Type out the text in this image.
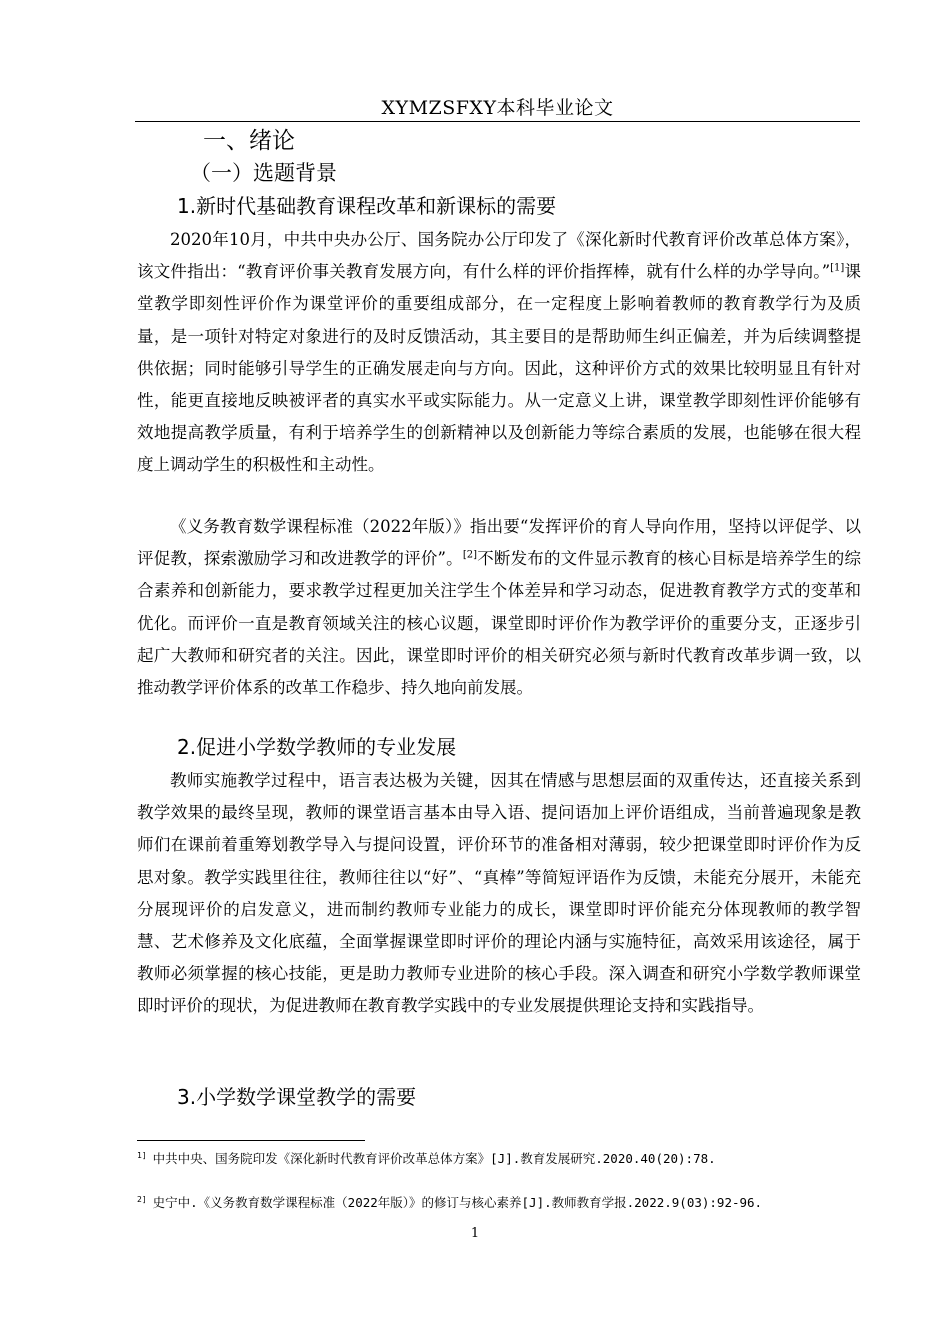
XYMZSFXY本科毕业论文
一、绪论
（一）选题背景
1.新时代基础教育课程改革和新课标的需要
2020年10月，中共中央办公厅、国务院办公厅印发了《深化新时代教育评价改革总体方案》，该文件指出：“教育评价事关教育发展方向，有什么样的评价指挥棒，就有什么样的办学导向。”[1]课堂教学即刻性评价作为课堂评价的重要组成部分，在一定程度上影响着教师的教育教学行为及质量，是一项针对特定对象进行的及时反馈活动，其主要目的是帮助师生纠正偏差，并为后续调整提供依据；同时能够引导学生的正确发展走向与方向。因此，这种评价方式的效果比较明显且有针对性，能更直接地反映被评者的真实水平或实际能力。从一定意义上讲，课堂教学即刻性评价能够有效地提高教学质量，有利于培养学生的创新精神以及创新能力等综合素质的发展，也能够在很大程度上调动学生的积极性和主动性。
《义务教育数学课程标准（2022年版）》指出要“发挥评价的育人导向作用，坚持以评促学、以评促教，探索激励学习和改进教学的评价”。[2]不断发布的文件显示教育的核心目标是培养学生的综合素养和创新能力，要求教学过程更加关注学生个体差异和学习动态，促进教育教学方式的变革和优化。而评价一直是教育领域关注的核心议题，课堂即时评价作为教学评价的重要分支，正逐步引起广大教师和研究者的关注。因此，课堂即时评价的相关研究必须与新时代教育改革步调一致，以推动教学评价体系的改革工作稳步、持久地向前发展。
2.促进小学数学教师的专业发展
教师实施教学过程中，语言表达极为关键，因其在情感与思想层面的双重传达，还直接关系到教学效果的最终呈现，教师的课堂语言基本由导入语、提问语加上评价语组成，当前普遍现象是教师们在课前着重筹划教学导入与提问设置，评价环节的准备相对薄弱，较少把课堂即时评价作为反思对象。教学实践里往往，教师往往以“好”、“真棒”等简短评语作为反馈，未能充分展开，未能充分展现评价的启发意义，进而制约教师专业能力的成长，课堂即时评价能充分体现教师的教学智慧、艺术修养及文化底蕴，全面掌握课堂即时评价的理论内涵与实施特征，高效采用该途径，属于教师必须掌握的核心技能，更是助力教师专业进阶的核心手段。深入调查和研究小学数学教师课堂即时评价的现状，为促进教师在教育教学实践中的专业发展提供理论支持和实践指导。
3.小学数学课堂教学的需要
$^{1]}$ 中共中央、国务院印发《深化新时代教育评价改革总体方案》[J].教育发展研究.2020.40(20):78.
$^{2]}$ 史宁中.《义务教育数学课程标准（2022年版）》的修订与核心素养[J].教师教育学报.2022.9(03):92-96.
1
